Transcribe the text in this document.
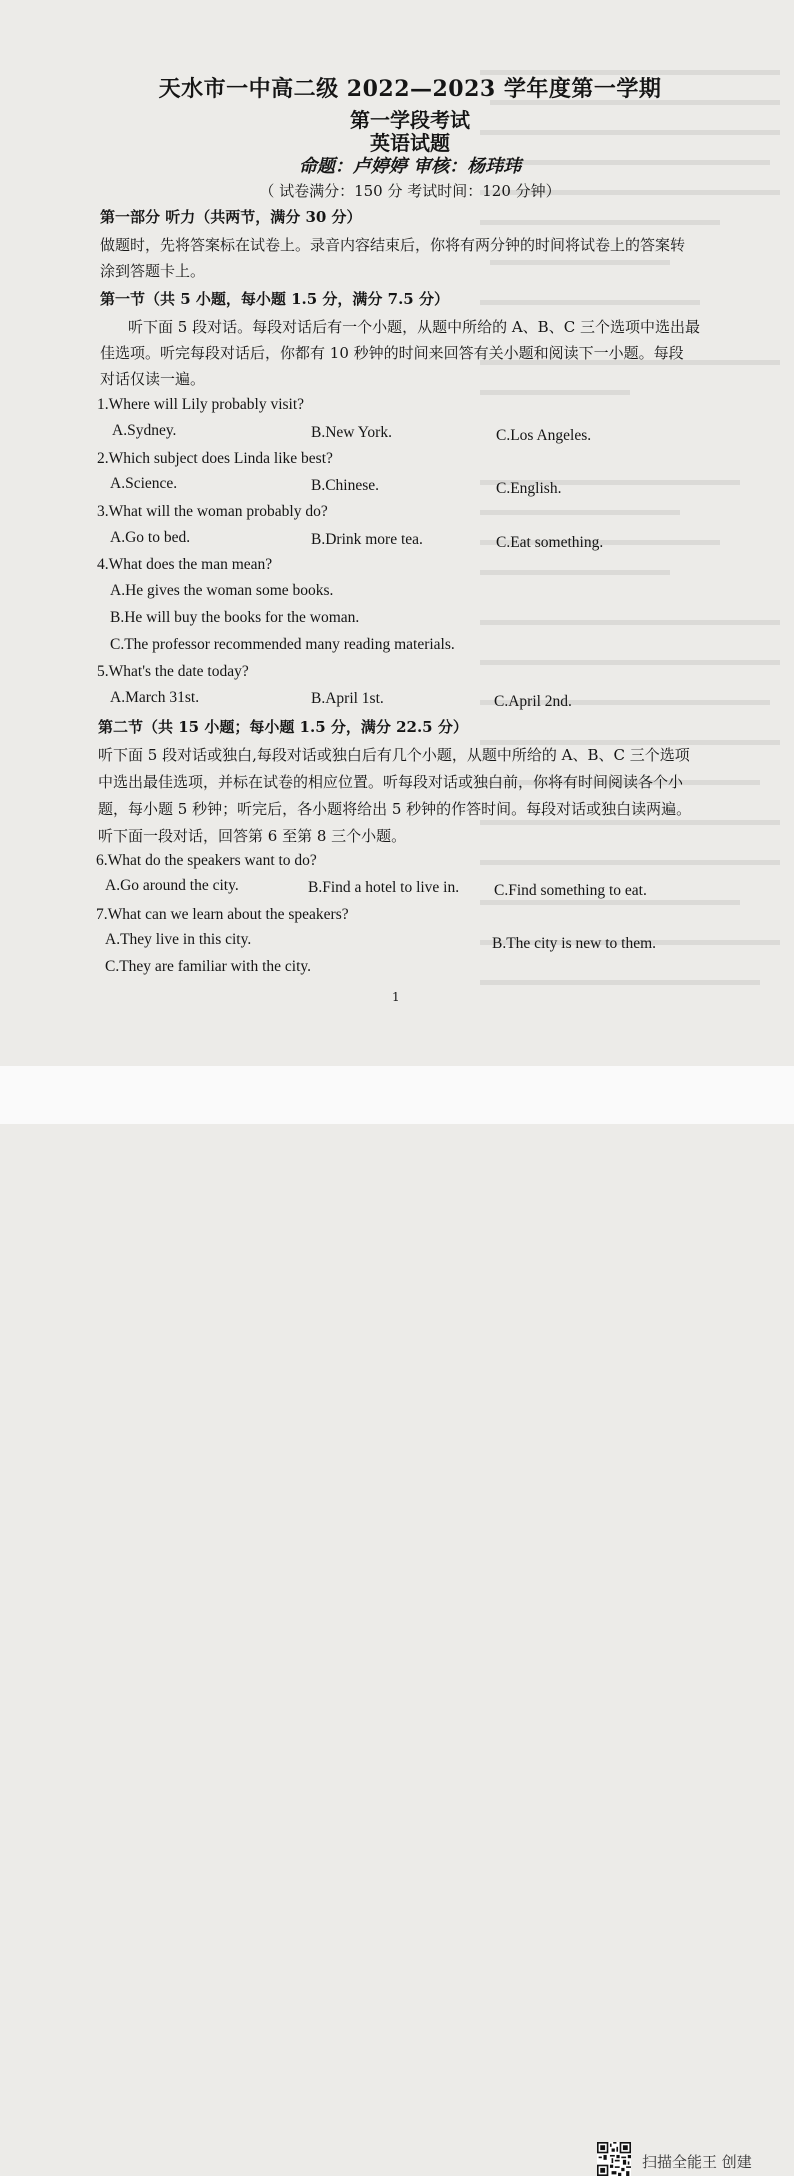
天水市一中高二级 2022—2023 学年度第一学期
第一学段考试
英语试题
命题：卢婷婷 审核：杨玮玮
（ 试卷满分：150 分 考试时间：120 分钟）
第一部分 听力（共两节，满分 30 分）
做题时，先将答案标在试卷上。录音内容结束后，你将有两分钟的时间将试卷上的答案转
涂到答题卡上。
第一节（共 5 小题，每小题 1.5 分，满分 7.5 分）
听下面 5 段对话。每段对话后有一个小题，从题中所给的 A、B、C 三个选项中选出最
佳选项。听完每段对话后，你都有 10 秒钟的时间来回答有关小题和阅读下一小题。每段
对话仅读一遍。
1.Where will Lily probably visit?
A.Sydney.	B.New York.	C.Los Angeles.
2.Which subject does Linda like best?
A.Science.	B.Chinese.	C.English.
3.What will the woman probably do?
A.Go to bed.	B.Drink more tea.	C.Eat something.
4.What does the man mean?
A.He gives the woman some books.
B.He will buy the books for the woman.
C.The professor recommended many reading materials.
5.What's the date today?
A.March 31st.	B.April 1st.	C.April 2nd.
第二节（共 15 小题；每小题 1.5 分，满分 22.5 分）
听下面 5 段对话或独白,每段对话或独白后有几个小题，从题中所给的 A、B、C 三个选项
中选出最佳选项，并标在试卷的相应位置。听每段对话或独白前，你将有时间阅读各个小
题，每小题 5 秒钟；听完后，各小题将给出 5 秒钟的作答时间。每段对话或独白读两遍。
听下面一段对话，回答第 6 至第 8 三个小题。
6.What do the speakers want to do?
A.Go around the city.	B.Find a hotel to live in. C.Find something to eat.
7.What can we learn about the speakers?
A.They live in this city.	B.The city is new to them.
C.They are familiar with the city.
1
扫描全能王 创建
